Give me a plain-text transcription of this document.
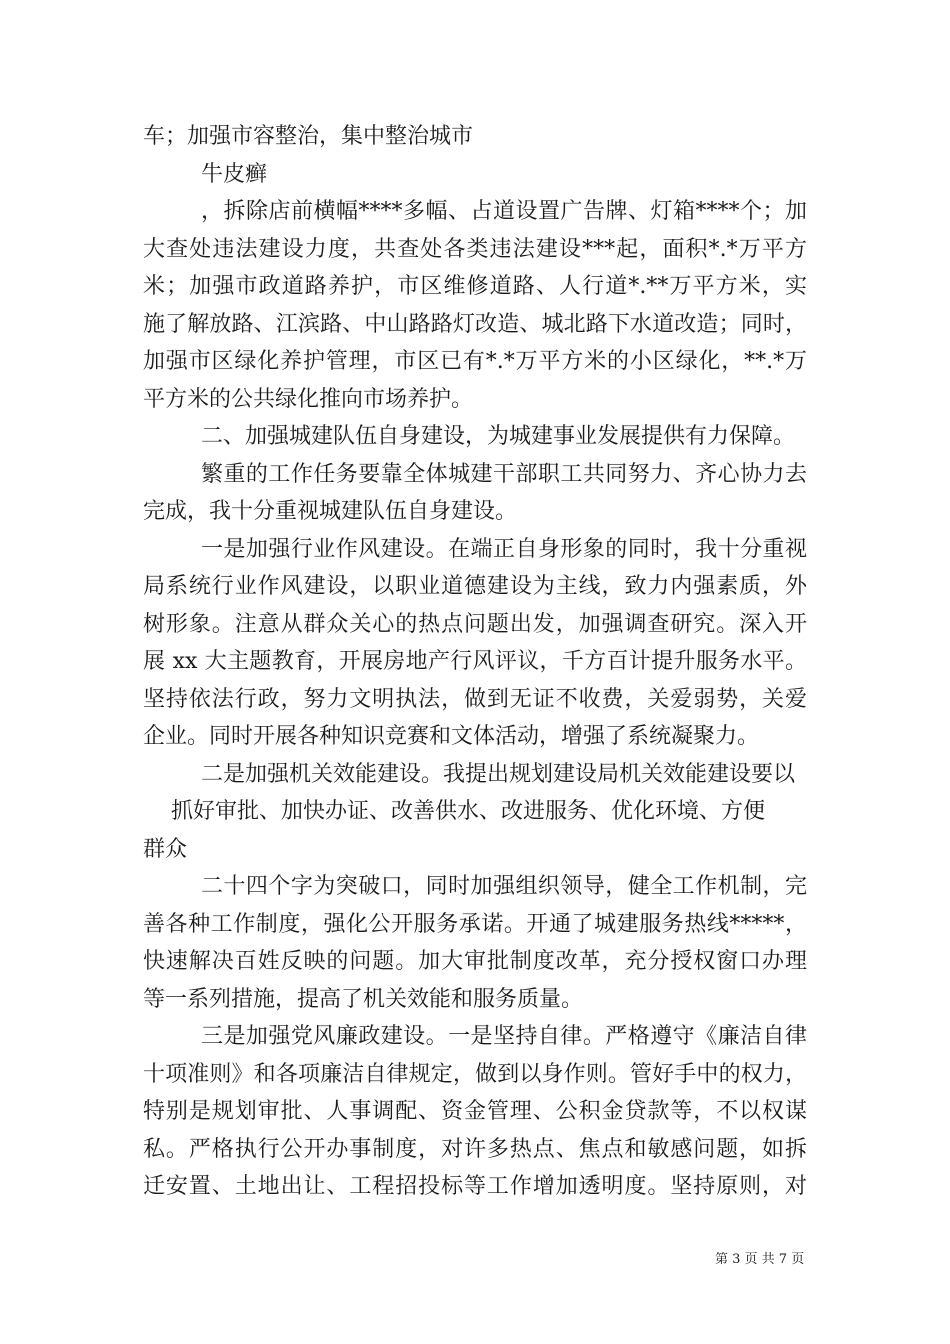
车；加强市容整治，集中整治城市
牛皮癣
，拆除店前横幅****多幅、占道设置广告牌、灯箱****个；加
大查处违法建设力度，共查处各类违法建设***起，面积*.*万平方
米；加强市政道路养护，市区维修道路、人行道*.**万平方米，实
施了解放路、江滨路、中山路路灯改造、城北路下水道改造；同时，
加强市区绿化养护管理，市区已有*.*万平方米的小区绿化，**.*万
平方米的公共绿化推向市场养护。
二、加强城建队伍自身建设，为城建事业发展提供有力保障。
繁重的工作任务要靠全体城建干部职工共同努力、齐心协力去
完成，我十分重视城建队伍自身建设。
一是加强行业作风建设。在端正自身形象的同时，我十分重视
局系统行业作风建设，以职业道德建设为主线，致力内强素质，外
树形象。注意从群众关心的热点问题出发，加强调查研究。深入开
展 xx 大主题教育，开展房地产行风评议，千方百计提升服务水平。
坚持依法行政，努力文明执法，做到无证不收费，关爱弱势，关爱
企业。同时开展各种知识竞赛和文体活动，增强了系统凝聚力。
二是加强机关效能建设。我提出规划建设局机关效能建设要以
抓好审批、加快办证、改善供水、改进服务、优化环境、方便
群众
二十四个字为突破口，同时加强组织领导，健全工作机制，完
善各种工作制度，强化公开服务承诺。开通了城建服务热线*****，
快速解决百姓反映的问题。加大审批制度改革，充分授权窗口办理
等一系列措施，提高了机关效能和服务质量。
三是加强党风廉政建设。一是坚持自律。严格遵守《廉洁自律
十项准则》和各项廉洁自律规定，做到以身作则。管好手中的权力，
特别是规划审批、人事调配、资金管理、公积金贷款等，不以权谋
私。严格执行公开办事制度，对许多热点、焦点和敏感问题，如拆
迁安置、土地出让、工程招投标等工作增加透明度。坚持原则，对
第 3 页 共 7 页
